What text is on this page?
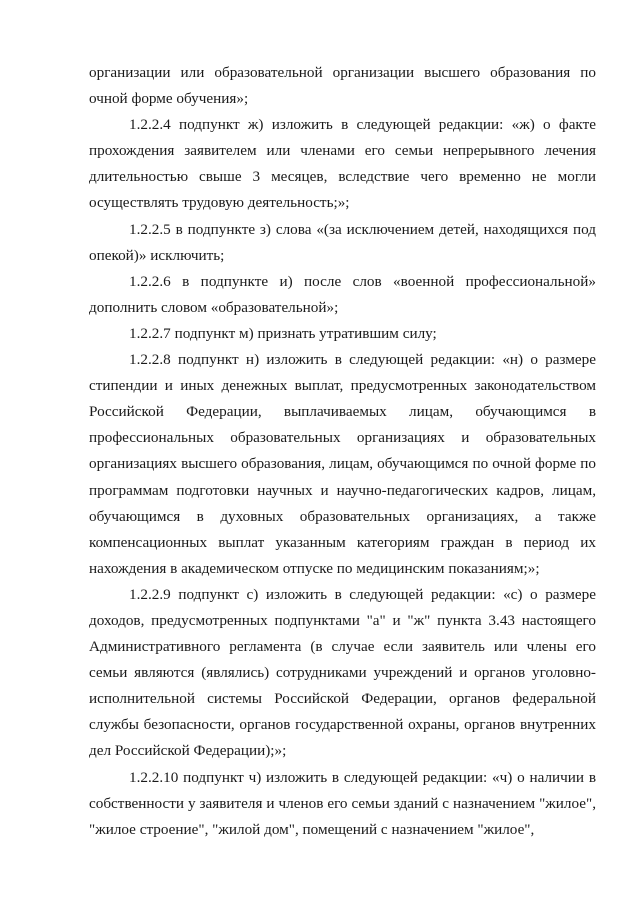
организации или образовательной организации высшего образования по очной форме обучения»;

1.2.2.4 подпункт ж) изложить в следующей редакции: «ж) о факте прохождения заявителем или членами его семьи непрерывного лечения длительностью свыше 3 месяцев, вследствие чего временно не могли осуществлять трудовую деятельность;»;

1.2.2.5 в подпункте з) слова «(за исключением детей, находящихся под опекой)» исключить;

1.2.2.6 в подпункте и) после слов «военной профессиональной» дополнить словом «образовательной»;

1.2.2.7 подпункт м) признать утратившим силу;

1.2.2.8 подпункт н) изложить в следующей редакции: «н) о размере стипендии и иных денежных выплат, предусмотренных законодательством Российской Федерации, выплачиваемых лицам, обучающимся в профессиональных образовательных организациях и образовательных организациях высшего образования, лицам, обучающимся по очной форме по программам подготовки научных и научно-педагогических кадров, лицам, обучающимся в духовных образовательных организациях, а также компенсационных выплат указанным категориям граждан в период их нахождения в академическом отпуске по медицинским показаниям;»;

1.2.2.9 подпункт с) изложить в следующей редакции: «с) о размере доходов, предусмотренных подпунктами "а" и "ж" пункта 3.43 настоящего Административного регламента (в случае если заявитель или члены его семьи являются (являлись) сотрудниками учреждений и органов уголовно-исполнительной системы Российской Федерации, органов федеральной службы безопасности, органов государственной охраны, органов внутренних дел Российской Федерации);»;

1.2.2.10 подпункт ч) изложить в следующей редакции: «ч) о наличии в собственности у заявителя и членов его семьи зданий с назначением "жилое", "жилое строение", "жилой дом", помещений с назначением "жилое",
